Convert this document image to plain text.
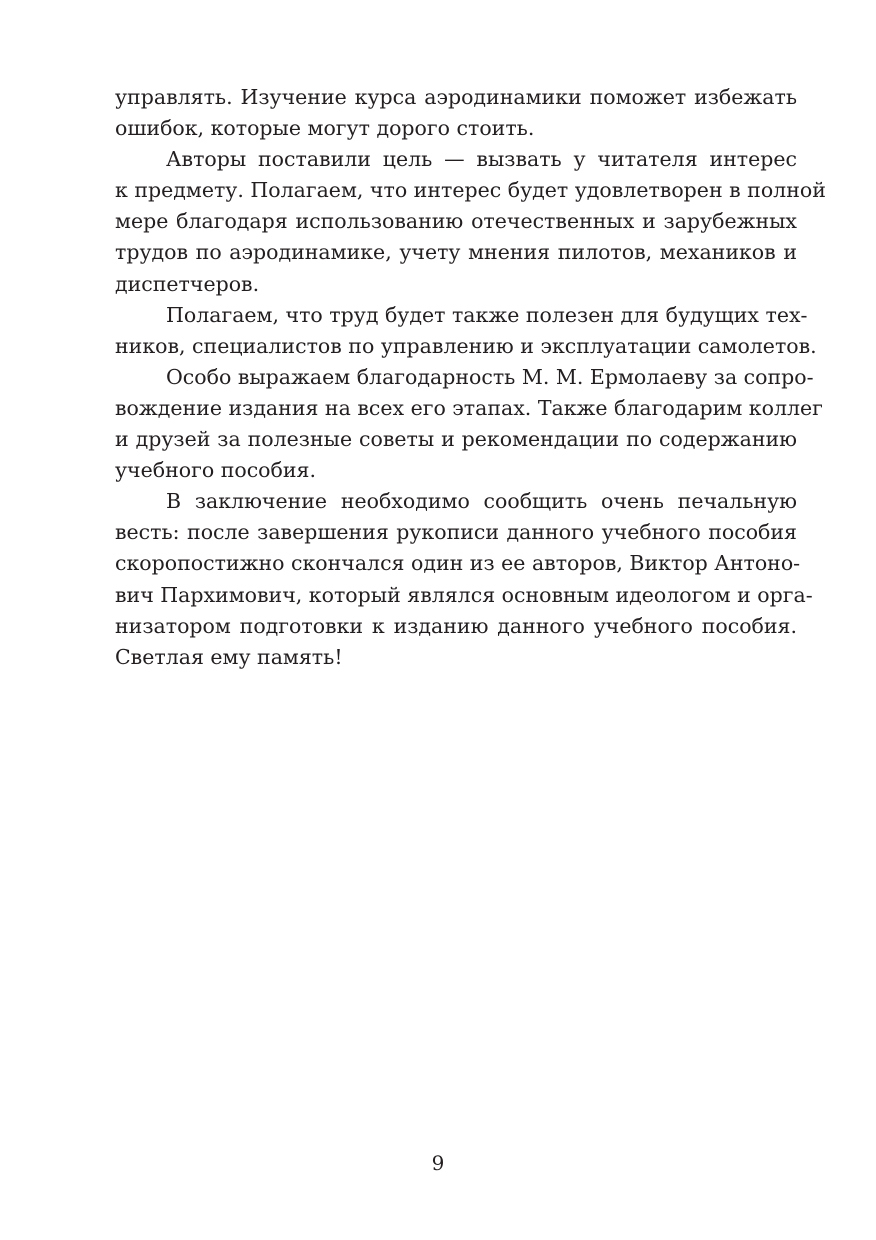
управлять. Изучение курса аэродинамики поможет избежать
ошибок, которые могут дорого стоить.

Авторы поставили цель — вызвать у читателя интерес
к предмету. Полагаем, что интерес будет удовлетворен в полной
мере благодаря использованию отечественных и зарубежных
трудов по аэродинамике, учету мнения пилотов, механиков и
диспетчеров.

Полагаем, что труд будет также полезен для будущих тех-
ников, специалистов по управлению и эксплуатации самолетов.

Особо выражаем благодарность М. М. Ермолаеву за сопро-
вождение издания на всех его этапах. Также благодарим коллег
и друзей за полезные советы и рекомендации по содержанию
учебного пособия.

В заключение необходимо сообщить очень печальную
весть: после завершения рукописи данного учебного пособия
скоропостижно скончался один из ее авторов, Виктор Антоно-
вич Пархимович, который являлся основным идеологом и орга-
низатором подготовки к изданию данного учебного пособия.
Светлая ему память!

9
